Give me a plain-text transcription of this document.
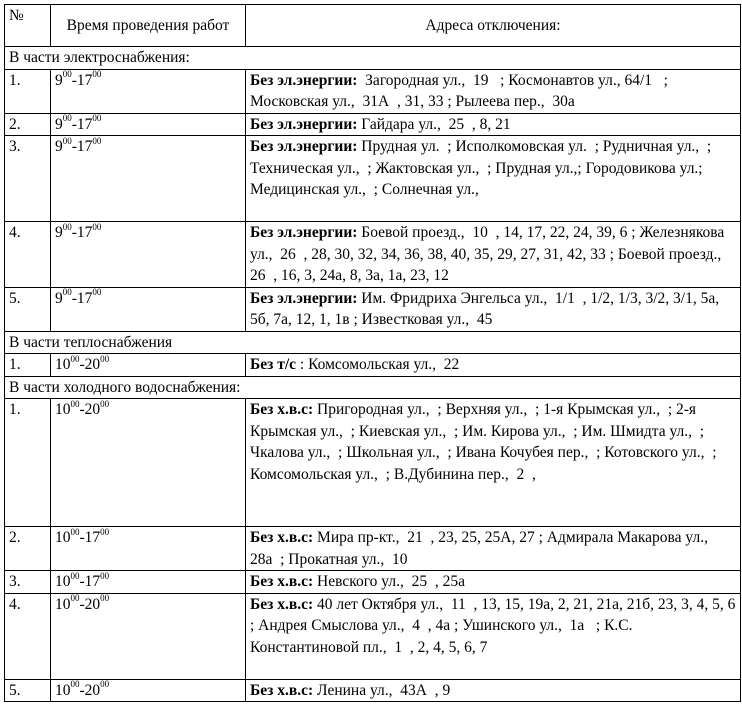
№	Время проведения работ	Адреса отключения:
В части электроснабжения:		
1.	$9^{00}-17^{00}$	Без эл.энергии:  Загородная ул.,  19   ; Космонавтов ул., 64/1   ; Московская ул.,  31А  , 31, 33 ; Рылеева пер.,  30а
2.	$9^{00}-17^{00}$	Без эл.энергии: Гайдара ул.,  25  , 8, 21
3.	$9^{00}-17^{00}$	Без эл.энергии: Прудная ул.  ; Исполкомовская ул.  ; Рудничная ул.,  ; Техническая ул.,  ; Жактовская ул.,  ; Прудная ул.,; Городовикова ул.; Медицинская ул.,  ; Солнечная ул.,
4.	$9^{00}-17^{00}$	Без эл.энергии: Боевой проезд.,  10  , 14, 17, 22, 24, 39, 6 ; Железнякова ул.,  26  , 28, 30, 32, 34, 36, 38, 40, 35, 29, 27, 31, 42, 33 ; Боевой проезд.,  26  , 16, 3, 24а, 8, 3а, 1а, 23, 12
5.	$9^{00}-17^{00}$	Без эл.энергии: Им. Фридриха Энгельса ул.,  1/1  , 1/2, 1/3, 3/2, 3/1, 5а, 5б, 7а, 12, 1, 1в ; Известковая ул.,  45
В части теплоснабжения		
1.	$10^{00}-20^{00}$	Без т/с : Комсомольская ул.,  22
В части холодного водоснабжения:		
1.	$10^{00}-20^{00}$	Без х.в.с: Пригородная ул.,  ; Верхняя ул.,  ; 1-я Крымская ул.,  ; 2-я Крымская ул.,  ; Киевская ул.,  ; Им. Кирова ул.,  ; Им. Шмидта ул.,  ; Чкалова ул.,  ; Школьная ул.,  ; Ивана Кочубея пер.,  ; Котовского ул.,  ; Комсомольская ул.,  ; В.Дубинина пер.,  2  ,
2.	$10^{00}-17^{00}$	Без х.в.с: Мира пр-кт.,  21  , 23, 25, 25А, 27 ; Адмирала Макарова ул.,  28а  ; Прокатная ул.,  10
3.	$10^{00}-17^{00}$	Без х.в.с: Невского ул.,  25  , 25а
4.	$10^{00}-20^{00}$	Без х.в.с: 40 лет Октября ул.,  11  , 13, 15, 19а, 2, 21, 21а, 21б, 23, 3, 4, 5, 6 ; Андрея Смыслова ул.,  4  , 4а ; Ушинского ул.,  1а   ; К.С. Константиновой пл.,  1  , 2, 4, 5, 6, 7
5.	$10^{00}-20^{00}$	Без х.в.с: Ленина ул.,  43А  , 9
